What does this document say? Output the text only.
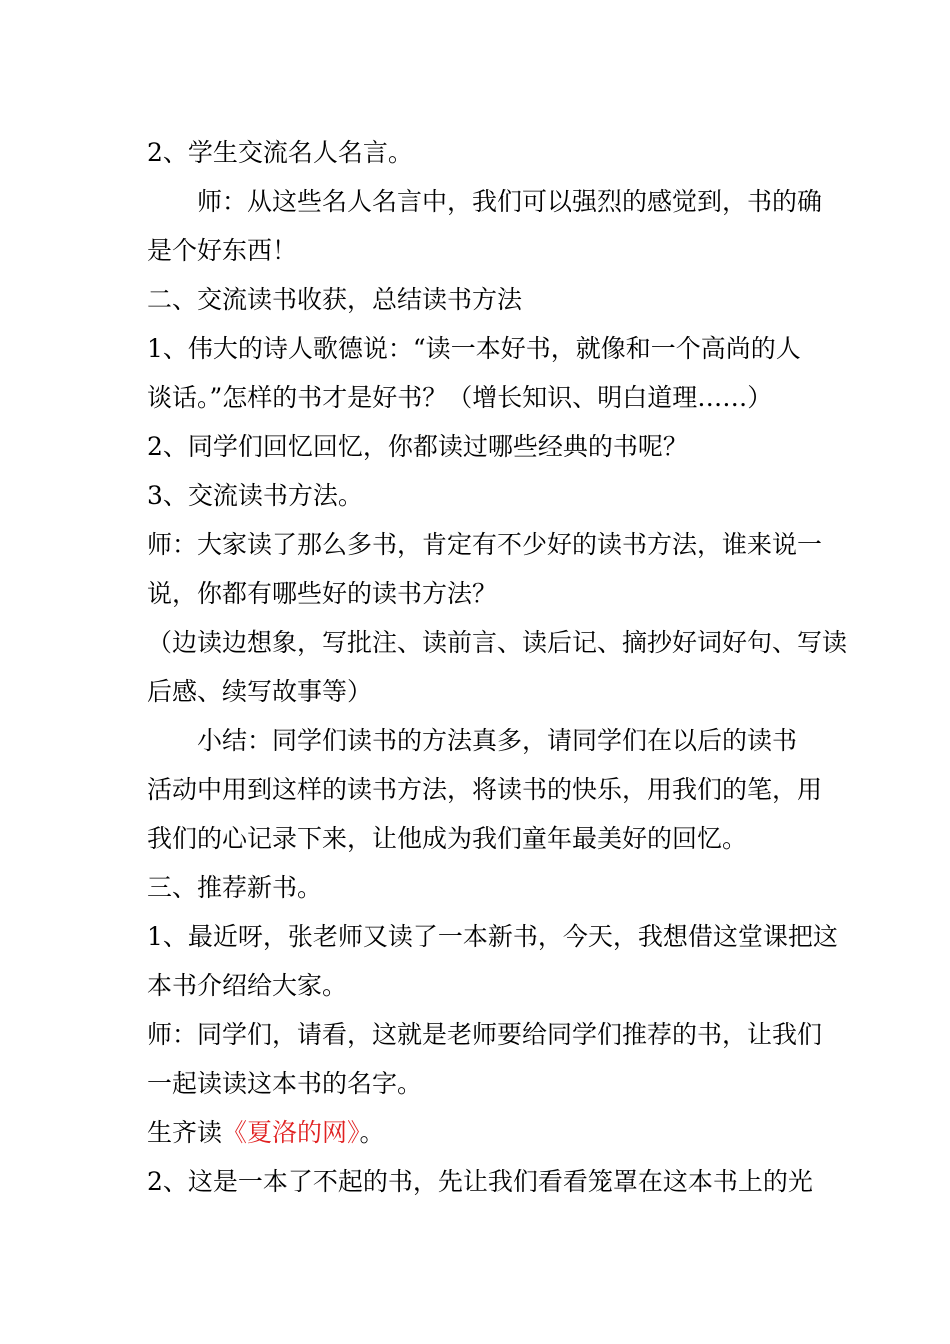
2、学生交流名人名言。
师：从这些名人名言中，我们可以强烈的感觉到，书的确
是个好东西！
二、交流读书收获，总结读书方法
1、伟大的诗人歌德说：“读一本好书，就像和一个高尚的人
谈话。”怎样的书才是好书？（增长知识、明白道理……）
2、同学们回忆回忆，你都读过哪些经典的书呢？
3、交流读书方法。
师：大家读了那么多书，肯定有不少好的读书方法，谁来说一
说，你都有哪些好的读书方法？
（边读边想象，写批注、读前言、读后记、摘抄好词好句、写读
后感、续写故事等）
小结：同学们读书的方法真多，请同学们在以后的读书
活动中用到这样的读书方法，将读书的快乐，用我们的笔，用
我们的心记录下来，让他成为我们童年最美好的回忆。
三、推荐新书。
1、最近呀，张老师又读了一本新书，今天，我想借这堂课把这
本书介绍给大家。
师：同学们，请看，这就是老师要给同学们推荐的书，让我们
一起读读这本书的名字。
生齐读《夏洛的网》。
2、这是一本了不起的书，先让我们看看笼罩在这本书上的光
